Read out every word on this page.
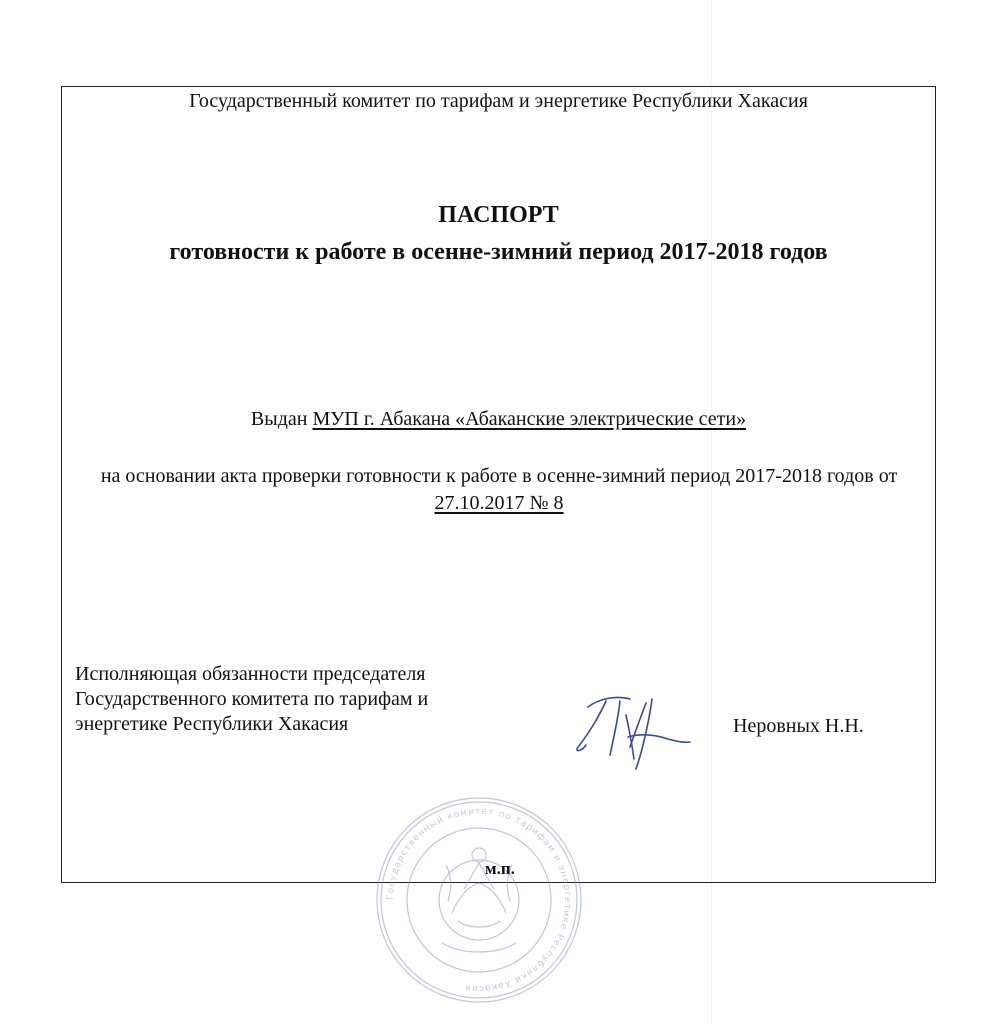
Государственный комитет по тарифам и энергетике Республики Хакасия
ПАСПОРТ
готовности к работе в осенне-зимний период 2017-2018 годов
Выдан МУП г. Абакана «Абаканские электрические сети»
на основании акта проверки готовности к работе в осенне-зимний период 2017-2018 годов от 27.10.2017 № 8
Исполняющая обязанности председателя
Государственного комитета по тарифам и
энергетике Республики Хакасия	Неровных Н.Н.
Государственный комитет по тарифам и энергетике Республики Хакасия
м.п.
